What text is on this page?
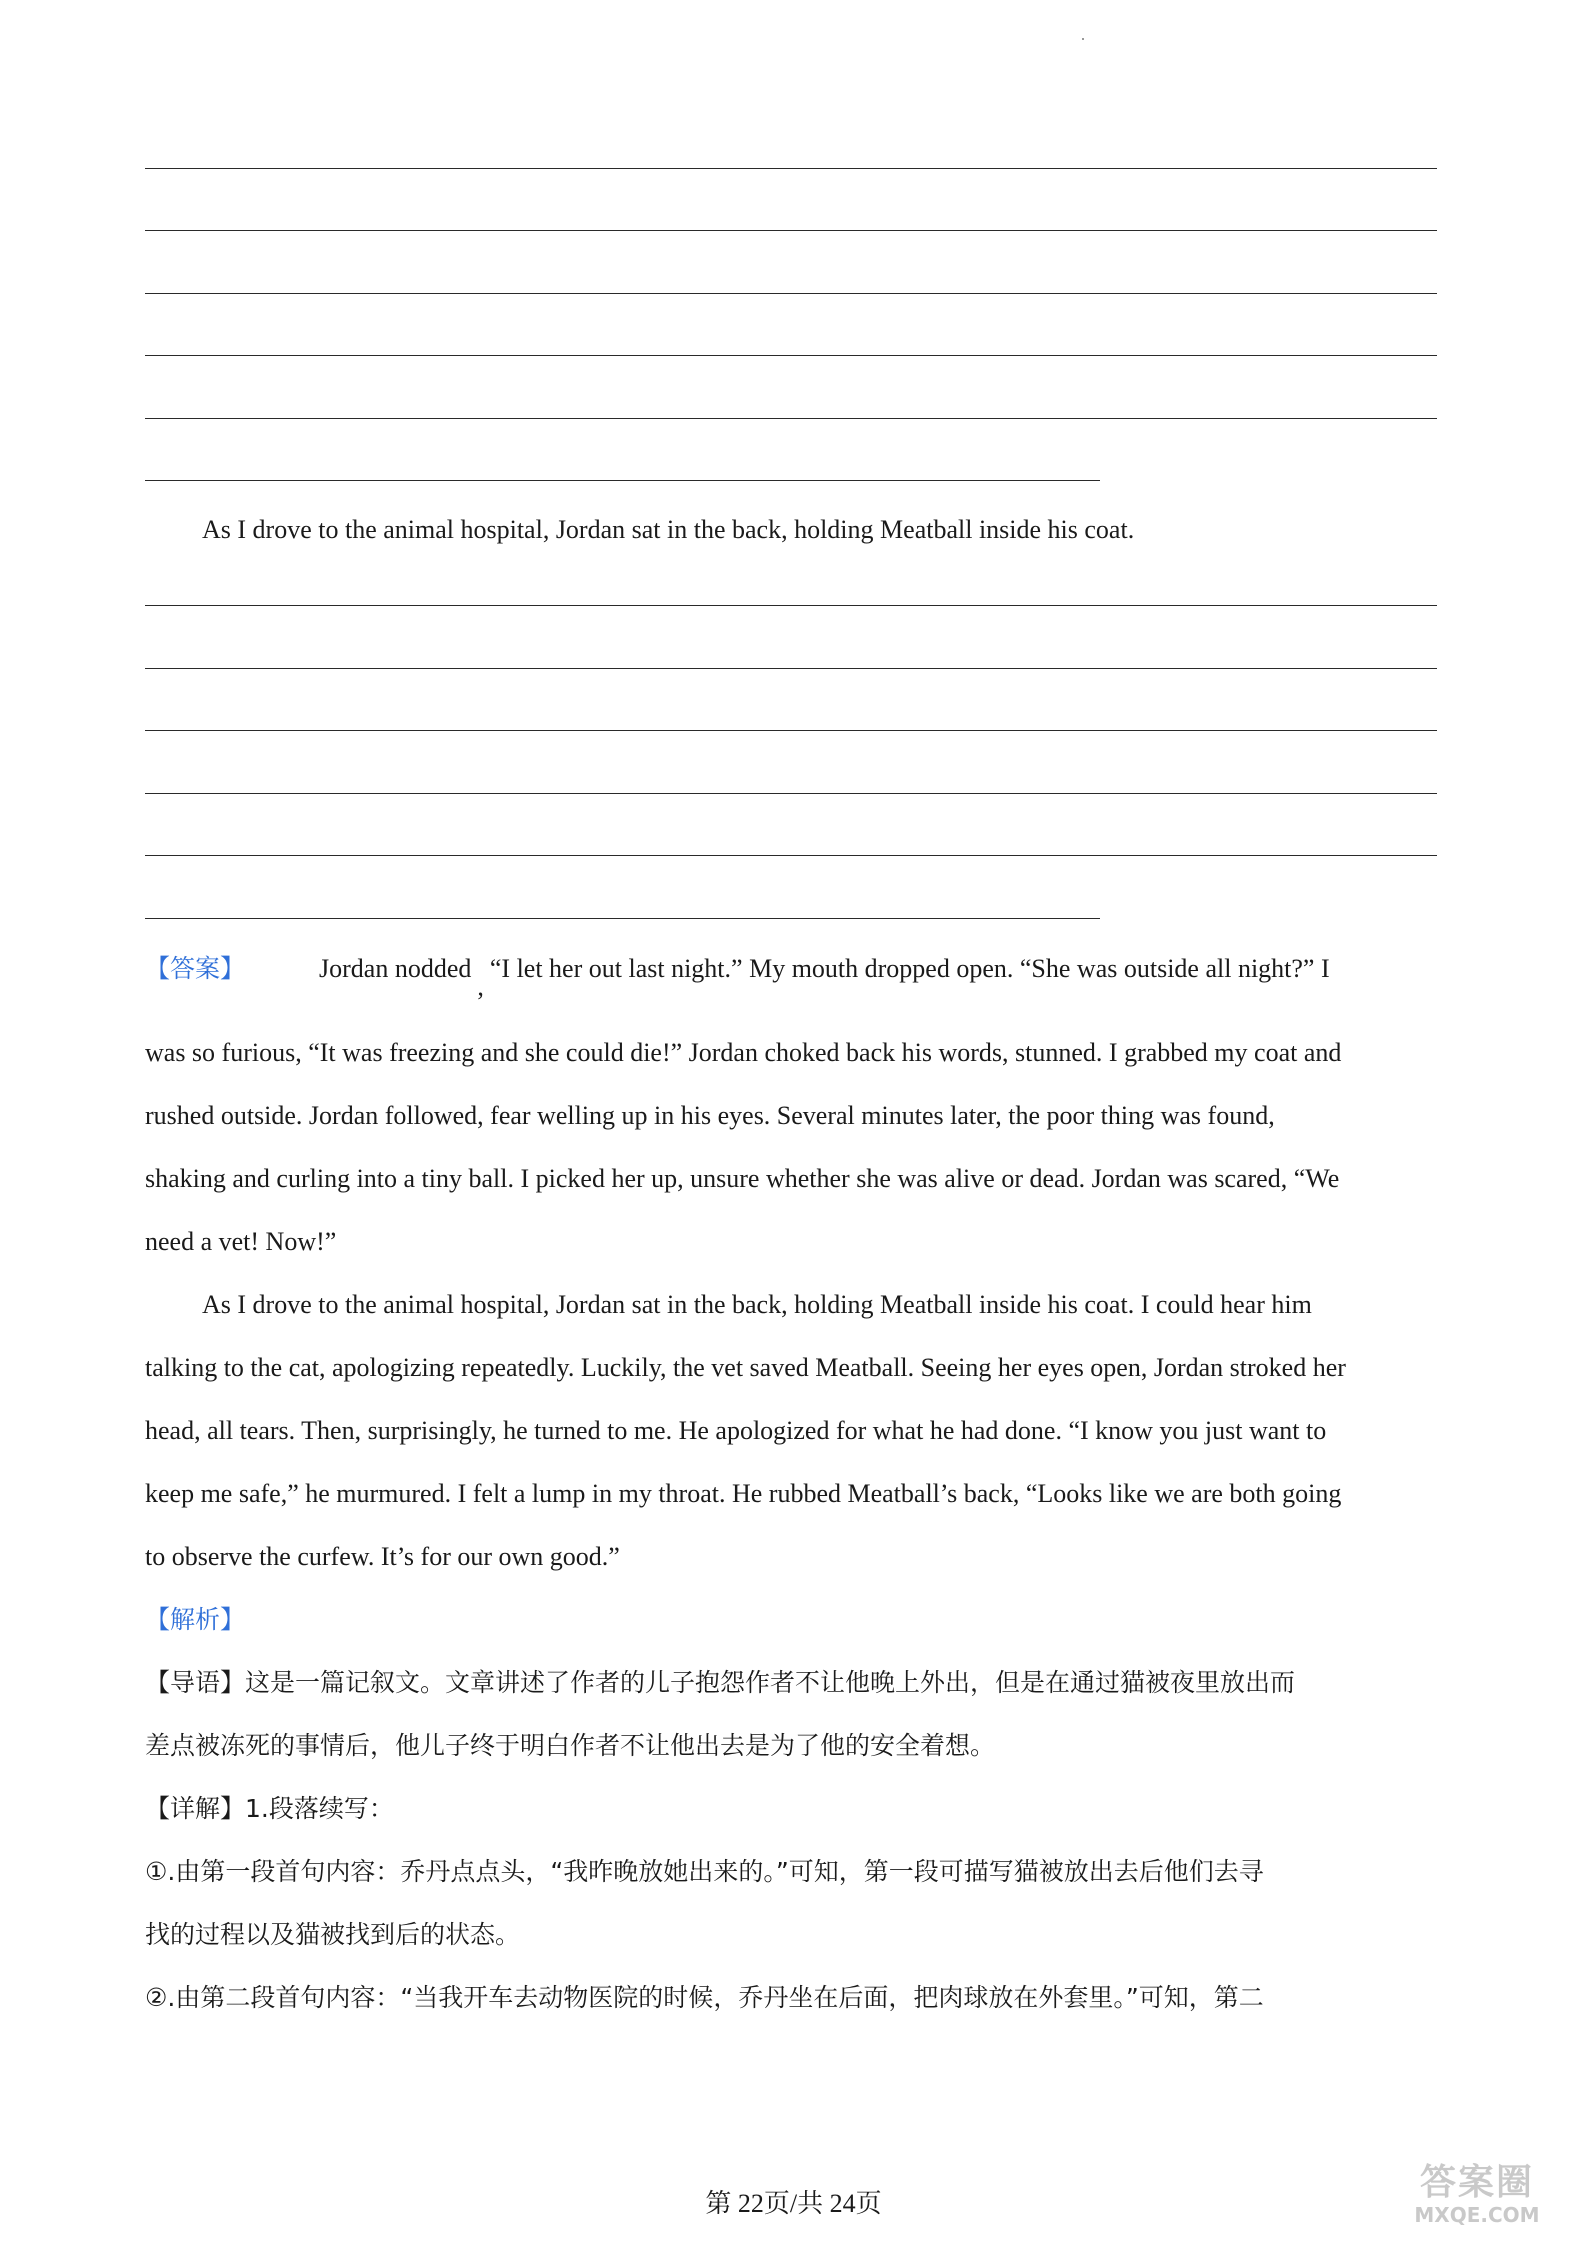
As I drove to the animal hospital, Jordan sat in the back, holding Meatball inside his coat.
【答案】	Jordan nodded,“I let her out last night.” My mouth dropped open. “She was outside all night?” I
was so furious, “It was freezing and she could die!” Jordan choked back his words, stunned. I grabbed my coat and
rushed outside. Jordan followed, fear welling up in his eyes. Several minutes later, the poor thing was found,
shaking and curling into a tiny ball. I picked her up, unsure whether she was alive or dead. Jordan was scared, “We
need a vet! Now!”
As I drove to the animal hospital, Jordan sat in the back, holding Meatball inside his coat. I could hear him
talking to the cat, apologizing repeatedly. Luckily, the vet saved Meatball. Seeing her eyes open, Jordan stroked her
head, all tears. Then, surprisingly, he turned to me. He apologized for what he had done. “I know you just want to
keep me safe,” he murmured. I felt a lump in my throat. He rubbed Meatball’s back, “Looks like we are both going
to observe the curfew. It’s for our own good.”
【解析】
【导语】这是一篇记叙文。文章讲述了作者的儿子抱怨作者不让他晚上外出，但是在通过猫被夜里放出而
差点被冻死的事情后，他儿子终于明白作者不让他出去是为了他的安全着想。
【详解】1.段落续写：
①.由第一段首句内容：乔丹点点头，“我昨晚放她出来的。”可知，第一段可描写猫被放出去后他们去寻
找的过程以及猫被找到后的状态。
②.由第二段首句内容：“当我开车去动物医院的时候，乔丹坐在后面，把肉球放在外套里。”可知，第二
第 22页/共 24页
答案圈
MXQE.COM
